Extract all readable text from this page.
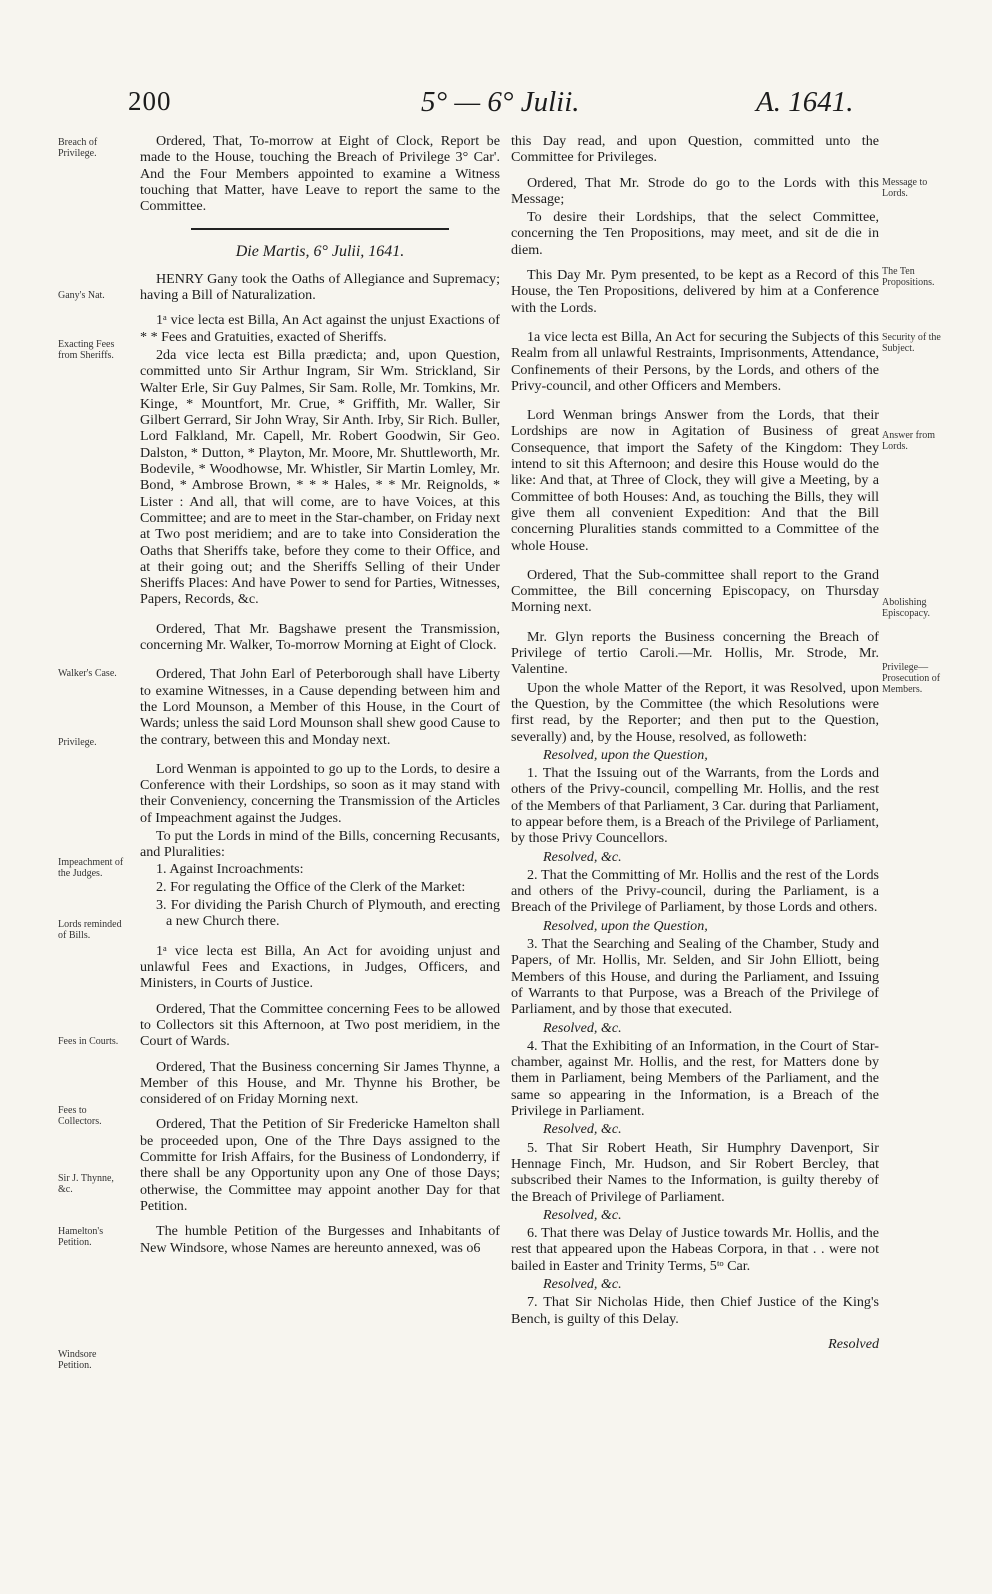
200	5° — 6° Julii.	A. 1641.

Ordered, That, To-morrow at Eight of Clock, Report be made to the House, touching the Breach of Privilege 3° Car'. And the Four Members appointed to examine a Witness touching that Matter, have Leave to report the same to the Committee.

Die Martis, 6° Julii, 1641.

HENRY Gany took the Oaths of Allegiance and Supremacy; having a Bill of Naturalization.

1ᵃ vice lecta est Billa, An Act against the unjust Exactions of * * Fees and Gratuities, exacted of Sheriffs.

2da vice lecta est Billa prædicta; and, upon Question, committed unto Sir Arthur Ingram, Sir Wm. Strickland, Sir Walter Erle, Sir Guy Palmes, Sir Sam. Rolle, Mr. Tomkins, Mr. Kinge, * Mountfort, Mr. Crue, * Griffith, Mr. Waller, Sir Gilbert Gerrard, Sir John Wray, Sir Anth. Irby, Sir Rich. Buller, Lord Falkland, Mr. Capell, Mr. Robert Goodwin, Sir Geo. Dalston, * Dutton, * Playton, Mr. Moore, Mr. Shuttleworth, Mr. Bodevile, * Woodhowse, Mr. Whistler, Sir Martin Lomley, Mr. Bond, * Ambrose Brown, * * * Hales, * * Mr. Reignolds, * Lister : And all, that will come, are to have Voices, at this Committee; and are to meet in the Star-chamber, on Friday next at Two post meridiem; and are to take into Consideration the Oaths that Sheriffs take, before they come to their Office, and at their going out; and the Sheriffs Selling of their Under Sheriffs Places: And have Power to send for Parties, Witnesses, Papers, Records, &c.

Ordered, That Mr. Bagshawe present the Transmission, concerning Mr. Walker, To-morrow Morning at Eight of Clock.

Ordered, That John Earl of Peterborough shall have Liberty to examine Witnesses, in a Cause depending between him and the Lord Mounson, a Member of this House, in the Court of Wards; unless the said Lord Mounson shall shew good Cause to the contrary, between this and Monday next.

Lord Wenman is appointed to go up to the Lords, to desire a Conference with their Lordships, so soon as it may stand with their Conveniency, concerning the Transmission of the Articles of Impeachment against the Judges.

To put the Lords in mind of the Bills, concerning Recusants, and Pluralities:

1. Against Incroachments:

2. For regulating the Office of the Clerk of the Market:

3. For dividing the Parish Church of Plymouth, and erecting a new Church there.

1ᵃ vice lecta est Billa, An Act for avoiding unjust and unlawful Fees and Exactions, in Judges, Officers, and Ministers, in Courts of Justice.

Ordered, That the Committee concerning Fees to be allowed to Collectors sit this Afternoon, at Two post meridiem, in the Court of Wards.

Ordered, That the Business concerning Sir James Thynne, a Member of this House, and Mr. Thynne his Brother, be considered of on Friday Morning next.

Ordered, That the Petition of Sir Fredericke Hamelton shall be proceeded upon, One of the Thre Days assigned to the Committe for Irish Affairs, for the Business of Londonderry, if there shall be any Opportunity upon any One of those Days; otherwise, the Committee may appoint another Day for that Petition.

The humble Petition of the Burgesses and Inhabitants of New Windsore, whose Names are hereunto annexed, was o6

this Day read, and upon Question, committed unto the Committee for Privileges.

Ordered, That Mr. Strode do go to the Lords with this Message;

To desire their Lordships, that the select Committee, concerning the Ten Propositions, may meet, and sit de die in diem.

This Day Mr. Pym presented, to be kept as a Record of this House, the Ten Propositions, delivered by him at a Conference with the Lords.

1a vice lecta est Billa, An Act for securing the Subjects of this Realm from all unlawful Restraints, Imprisonments, Attendance, Confinements of their Persons, by the Lords, and others of the Privy-council, and other Officers and Members.

Lord Wenman brings Answer from the Lords, that their Lordships are now in Agitation of Business of great Consequence, that import the Safety of the Kingdom: They intend to sit this Afternoon; and desire this House would do the like: And that, at Three of Clock, they will give a Meeting, by a Committee of both Houses: And, as touching the Bills, they will give them all convenient Expedition: And that the Bill concerning Pluralities stands committed to a Committee of the whole House.

Ordered, That the Sub-committee shall report to the Grand Committee, the Bill concerning Episcopacy, on Thursday Morning next.

Mr. Glyn reports the Business concerning the Breach of Privilege of tertio Caroli.—Mr. Hollis, Mr. Strode, Mr. Valentine.

Upon the whole Matter of the Report, it was Resolved, upon the Question, by the Committee (the which Resolutions were first read, by the Reporter; and then put to the Question, severally) and, by the House, resolved, as followeth:

Resolved, upon the Question,

1. That the Issuing out of the Warrants, from the Lords and others of the Privy-council, compelling Mr. Hollis, and the rest of the Members of that Parliament, 3 Car. during that Parliament, to appear before them, is a Breach of the Privilege of Parliament, by those Privy Councellors.

Resolved, &c.

2. That the Committing of Mr. Hollis and the rest of the Lords and others of the Privy-council, during the Parliament, is a Breach of the Privilege of Parliament, by those Lords and others.

Resolved, upon the Question,

3. That the Searching and Sealing of the Chamber, Study and Papers, of Mr. Hollis, Mr. Selden, and Sir John Elliott, being Members of this House, and during the Parliament, and Issuing of Warrants to that Purpose, was a Breach of the Privilege of Parliament, and by those that executed.

Resolved, &c.

4. That the Exhibiting of an Information, in the Court of Star-chamber, against Mr. Hollis, and the rest, for Matters done by them in Parliament, being Members of the Parliament, and the same so appearing in the Information, is a Breach of the Privilege in Parliament.

Resolved, &c.

5. That Sir Robert Heath, Sir Humphry Davenport, Sir Hennage Finch, Mr. Hudson, and Sir Robert Bercley, that subscribed their Names to the Information, is guilty thereby of the Breach of Privilege of Parliament.

Resolved, &c.

6. That there was Delay of Justice towards Mr. Hollis, and the rest that appeared upon the Habeas Corpora, in that . . were not bailed in Easter and Trinity Terms, 5ᵗᵒ Car.

Resolved, &c.

7. That Sir Nicholas Hide, then Chief Justice of the King's Bench, is guilty of this Delay.

Resolved

Breach of Privilege.
Gany's Nat.
Exacting Fees from Sheriffs.
Walker's Case.
Privilege.
Impeachment of the Judges.
Lords reminded of Bills.
Fees in Courts.
Fees to Collectors.
Sir J. Thynne, &c.
Hamelton's Petition.
Windsore Petition.
Message to Lords.
The Ten Propositions.
Security of the Subject.
Answer from Lords.
Abolishing Episcopacy.
Privilege—Prosecution of Members.
